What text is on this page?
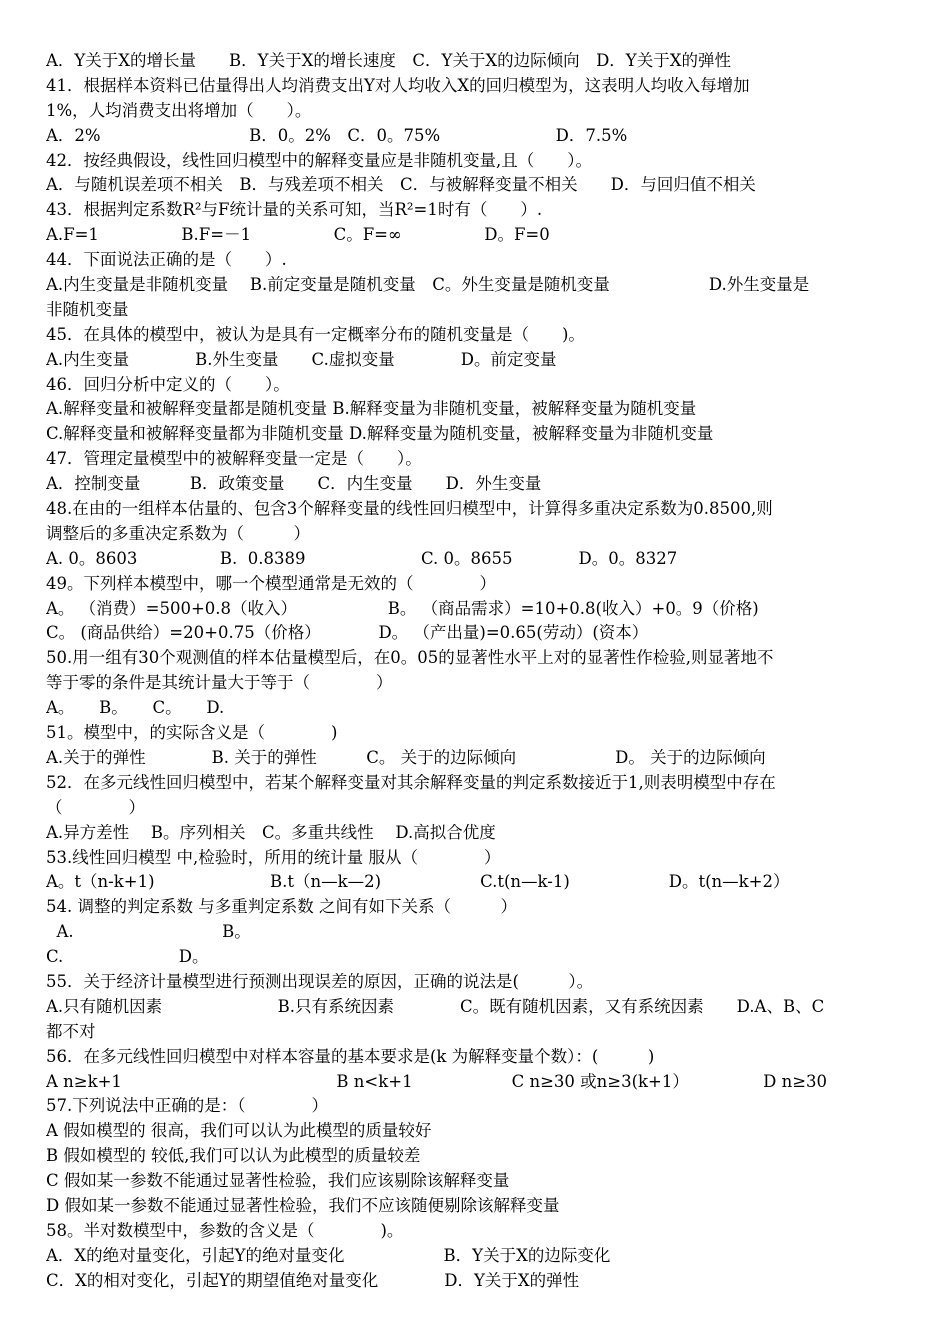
A．Y关于X的增长量　　B．Y关于X的增长速度　C．Y关于X的边际倾向　D．Y关于X的弹性
41．根据样本资料已估量得出人均消费支出Y对人均收入X的回归模型为，这表明人均收入每增加
1%，人均消费支出将增加（　　）。
A．2%　　　　　　　　　B．0。2%　C．0。75%　　　　　　　D．7.5%
42．按经典假设，线性回归模型中的解释变量应是非随机变量,且（　　）。
A．与随机误差项不相关　B．与残差项不相关　C．与被解释变量不相关　　D．与回归值不相关
43．根据判定系数R²与F统计量的关系可知，当R²=1时有（　　）.
A.F=1　　　　　B.F=－1　　　　　C。F=∞　　　　　D。F=0
44．下面说法正确的是（　　）.
A.内生变量是非随机变量　 B.前定变量是随机变量　C。外生变量是随机变量　　　　　　D.外生变量是
非随机变量
45．在具体的模型中，被认为是具有一定概率分布的随机变量是（　　)。
A.内生变量　　　　B.外生变量　　C.虚拟变量　　　　D。前定变量
46．回归分析中定义的（　　）。
A.解释变量和被解释变量都是随机变量 B.解释变量为非随机变量，被解释变量为随机变量
C.解释变量和被解释变量都为非随机变量 D.解释变量为随机变量，被解释变量为非随机变量
47．管理定量模型中的被解释变量一定是（　　）。
A．控制变量　　　B．政策变量　　C．内生变量　　D．外生变量
48.在由的一组样本估量的、包含3个解释变量的线性回归模型中，计算得多重决定系数为0.8500,则
调整后的多重决定系数为（　　　）
A. 0。8603　　　　　B.  0.8389　　　　　　　C. 0。8655　　　　D。0。8327
49。下列样本模型中，哪一个模型通常是无效的（　　　　）
A。 （消费）=500+0.8（收入）　　　　　　B。 （商品需求）=10+0.8(收入）+0。9（价格)
C。 (商品供给）=20+0.75（价格）　　　　D。 （产出量)=0.65(劳动）(资本）
50.用一组有30个观测值的样本估量模型后，在0。05的显著性水平上对的显著性作检验,则显著地不
等于零的条件是其统计量大于等于（　　　　）
A。　　B。　　C。　　D.
51。模型中，的实际含义是（　　　　)
A.关于的弹性　　　　B. 关于的弹性　　　C。 关于的边际倾向　　　　　　D。 关于的边际倾向
52．在多元线性回归模型中，若某个解释变量对其余解释变量的判定系数接近于1,则表明模型中存在
（　　　　）
A.异方差性　 B。序列相关　C。多重共线性　 D.高拟合优度
53.线性回归模型 中,检验时，所用的统计量 服从（　　　　）
A。t（n-k+1)　　　　　　　B.t（n—k—2)　　　　　　C.t(n—k-1)　　　　　　D。t(n—k+2）
54. 调整的判定系数 与多重判定系数 之间有如下关系（　　　）
A.　　　　　　　　　B。
C.　　　　　　　D。
55．关于经济计量模型进行预测出现误差的原因，正确的说法是(　　　）。
A.只有随机因素　　　　　　　B.只有系统因素　　　　C。既有随机因素，又有系统因素　　D.A、B、C
都不对
56．在多元线性回归模型中对样本容量的基本要求是(k 为解释变量个数）：(　　　)
A n≥k+1　　　　　　　　　　　　　B n<k+1　　　　　　C n≥30 或n≥3(k+1）　　　　　D n≥30
57.下列说法中正确的是：（　　　　）
A 假如模型的 很高，我们可以认为此模型的质量较好
B 假如模型的 较低,我们可以认为此模型的质量较差
C 假如某一参数不能通过显著性检验，我们应该剔除该解释变量
D 假如某一参数不能通过显著性检验，我们不应该随便剔除该解释变量
58。半对数模型中，参数的含义是（　　　　)。
A．X的绝对量变化，引起Y的绝对量变化　　　　　　B．Y关于X的边际变化
C．X的相对变化，引起Y的期望值绝对量变化　　　　D．Y关于X的弹性
